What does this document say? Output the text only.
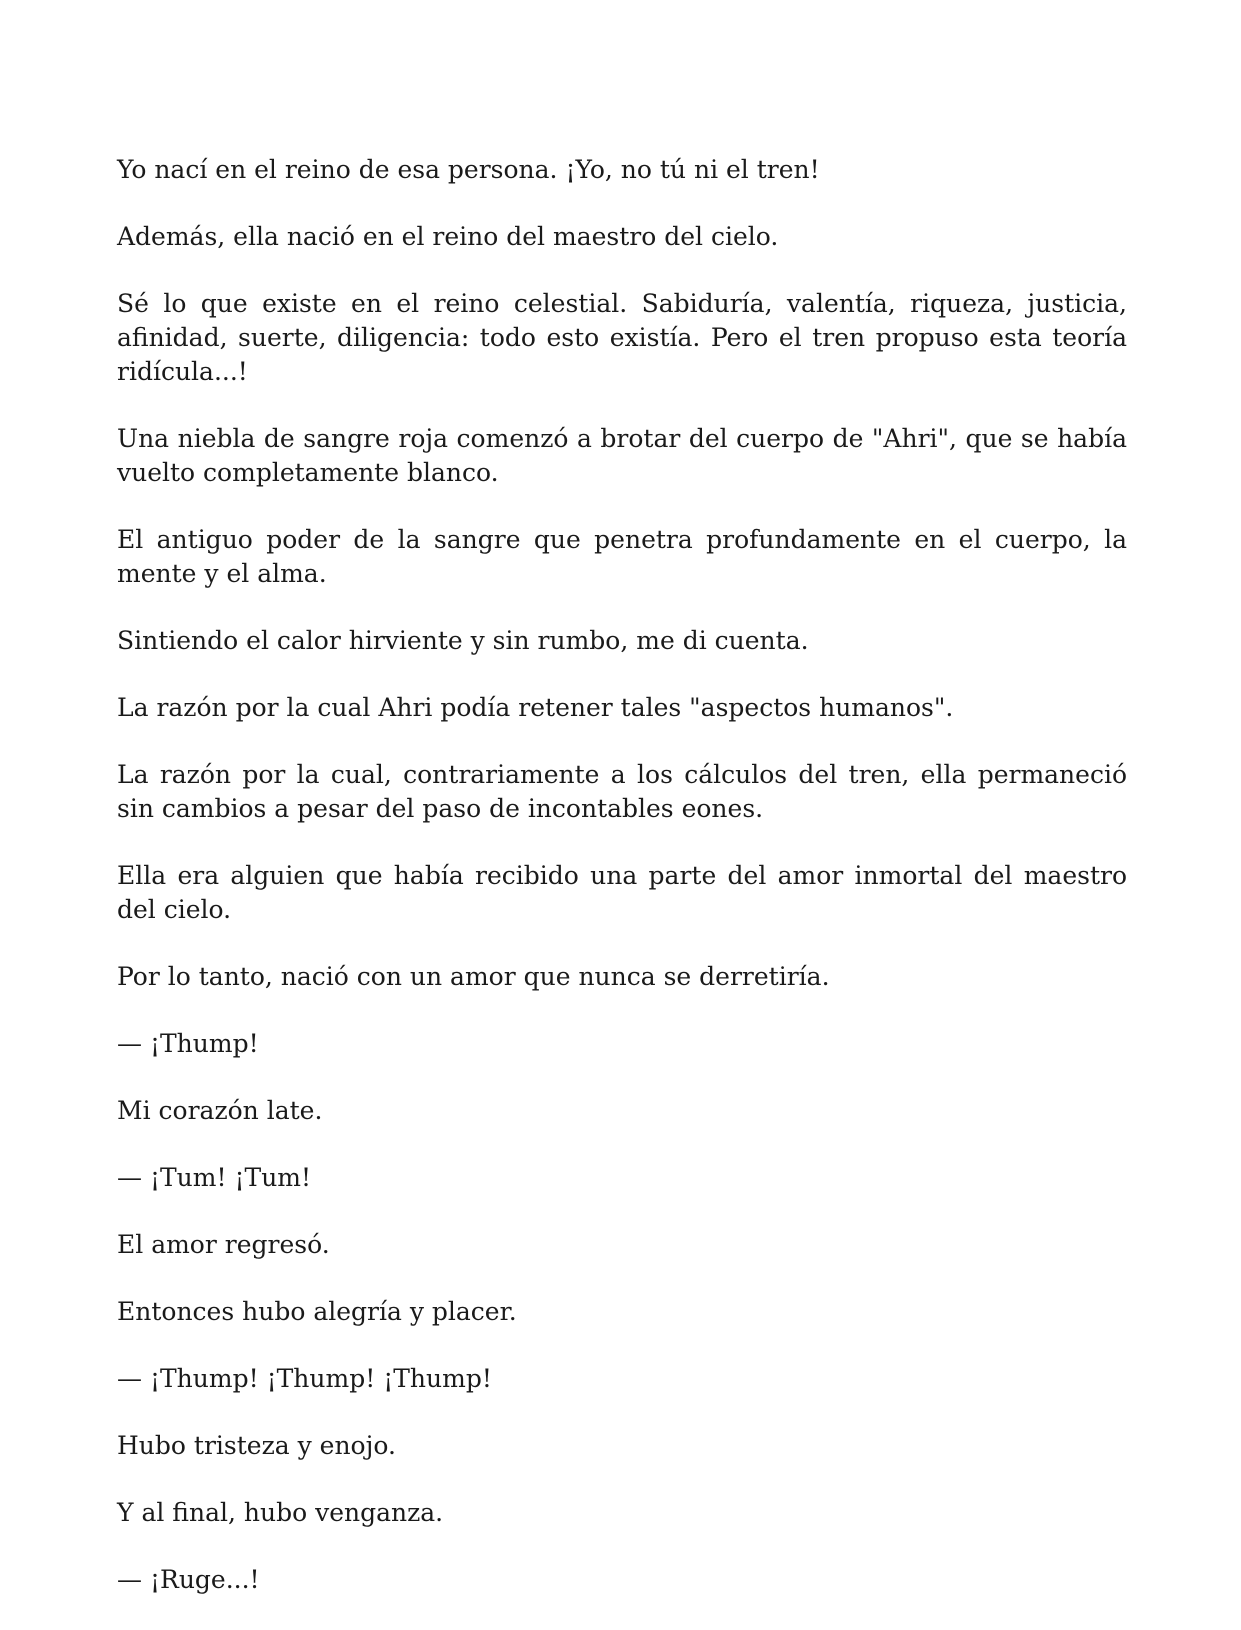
Yo nací en el reino de esa persona. ¡Yo, no tú ni el tren!

Además, ella nació en el reino del maestro del cielo.

Sé lo que existe en el reino celestial. Sabiduría, valentía, riqueza, justicia, afinidad, suerte, diligencia: todo esto existía. Pero el tren propuso esta teoría ridícula...!

Una niebla de sangre roja comenzó a brotar del cuerpo de "Ahri", que se había vuelto completamente blanco.

El antiguo poder de la sangre que penetra profundamente en el cuerpo, la mente y el alma.

Sintiendo el calor hirviente y sin rumbo, me di cuenta.

La razón por la cual Ahri podía retener tales "aspectos humanos".

La razón por la cual, contrariamente a los cálculos del tren, ella permaneció sin cambios a pesar del paso de incontables eones.

Ella era alguien que había recibido una parte del amor inmortal del maestro del cielo.

Por lo tanto, nació con un amor que nunca se derretiría.

— ¡Thump!

Mi corazón late.

— ¡Tum! ¡Tum!

El amor regresó.

Entonces hubo alegría y placer.

— ¡Thump! ¡Thump! ¡Thump!

Hubo tristeza y enojo.

Y al final, hubo venganza.

— ¡Ruge...!
